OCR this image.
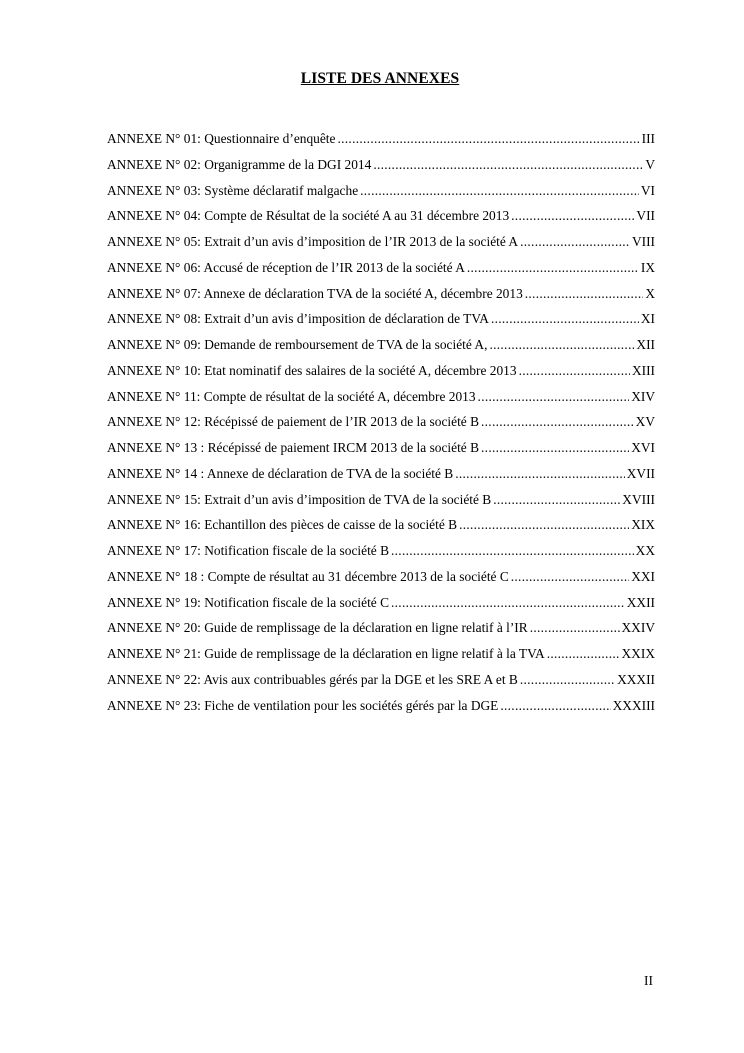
LISTE DES ANNEXES
ANNEXE N° 01: Questionnaire d’enquête .....	III
ANNEXE N° 02: Organigramme de la DGI 2014 .....	V
ANNEXE N° 03: Système déclaratif malgache .....	VI
ANNEXE N° 04: Compte de Résultat de la société A au 31 décembre 2013 .....	VII
ANNEXE N° 05: Extrait d’un avis d’imposition de l’IR 2013 de la société A .....	VIII
ANNEXE N° 06: Accusé de réception de l’IR 2013 de la société A .....	IX
ANNEXE N° 07: Annexe de déclaration TVA de la société A, décembre 2013 .....	X
ANNEXE N° 08: Extrait d’un avis d’imposition de déclaration de TVA .....	XI
ANNEXE N° 09: Demande de remboursement de TVA de la société A, .....	XII
ANNEXE N° 10: Etat nominatif des salaires de la société A, décembre 2013 .....	XIII
ANNEXE N° 11: Compte de résultat de la société A, décembre 2013 .....	XIV
ANNEXE N° 12: Récépissé de paiement de l’IR 2013 de la société B .....	XV
ANNEXE N° 13 : Récépissé de paiement IRCM 2013 de la société B .....	XVI
ANNEXE N° 14 : Annexe de déclaration de TVA de la société B .....	XVII
ANNEXE N° 15: Extrait d’un avis d’imposition de TVA de la société B .....	XVIII
ANNEXE N° 16: Echantillon des pièces de caisse de la société B .....	XIX
ANNEXE N° 17: Notification fiscale de la société B .....	XX
ANNEXE N° 18 : Compte de résultat au 31 décembre 2013 de la société C .....	XXI
ANNEXE N° 19: Notification fiscale de la société C .....	XXII
ANNEXE N° 20: Guide de remplissage de la déclaration en ligne relatif à l’IR .....	XXIV
ANNEXE N° 21: Guide de remplissage de la déclaration en ligne relatif à la TVA .....	XXIX
ANNEXE N° 22: Avis aux contribuables gérés par la DGE et les SRE A et B .....	XXXII
ANNEXE N° 23: Fiche de ventilation pour les sociétés gérés par la DGE .....	XXXIII
II
